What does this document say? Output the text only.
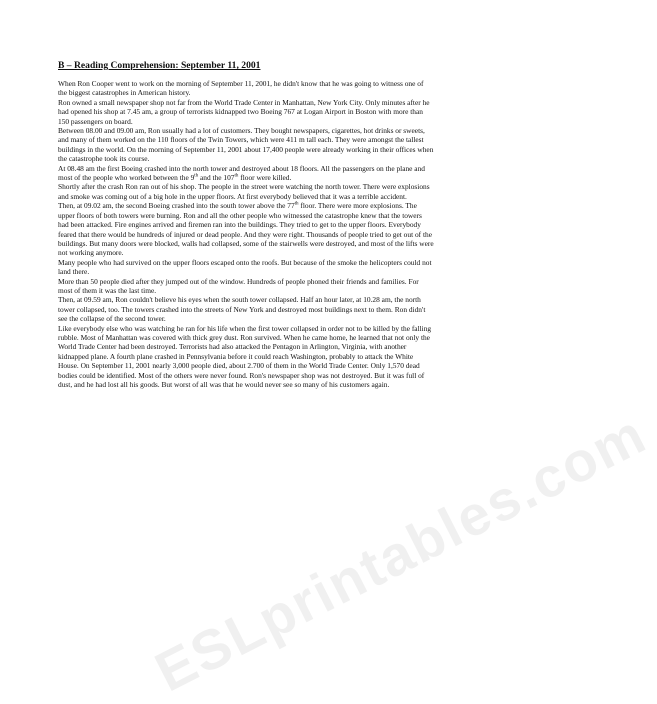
ESLprintables.com
B – Reading Comprehension: September 11, 2001

When Ron Cooper went to work on the morning of September 11, 2001, he didn't know that he was going to witness one of the biggest catastrophes in American history.

Ron owned a small newspaper shop not far from the World Trade Center in Manhattan, New York City. Only minutes after he had opened his shop at 7.45 am, a group of terrorists kidnapped two Boeing 767 at Logan Airport in Boston with more than 150 passengers on board.

Between 08.00 and 09.00 am, Ron usually had a lot of customers. They bought newspapers, cigarettes, hot drinks or sweets, and many of them worked on the 110 floors of the Twin Towers, which were 411 m tall each. They were amongst the tallest buildings in the world. On the morning of September 11, 2001 about 17,400 people were already working in their offices when the catastrophe took its course.

At 08.48 am the first Boeing crashed into the north tower and destroyed about 18 floors. All the passengers on the plane and most of the people who worked between the 9th and the 107th floor were killed.

Shortly after the crash Ron ran out of his shop. The people in the street were watching the north tower. There were explosions and smoke was coming out of a big hole in the upper floors. At first everybody believed that it was a terrible accident.

Then, at 09.02 am, the second Boeing crashed into the south tower above the 77th floor. There were more explosions. The upper floors of both towers were burning. Ron and all the other people who witnessed the catastrophe knew that the towers had been attacked. Fire engines arrived and firemen ran into the buildings. They tried to get to the upper floors. Everybody feared that there would be hundreds of injured or dead people. And they were right. Thousands of people tried to get out of the buildings. But many doors were blocked, walls had collapsed, some of the stairwells were destroyed, and most of the lifts were not working anymore.

Many people who had survived on the upper floors escaped onto the roofs. But because of the smoke the helicopters could not land there.

More than 50 people died after they jumped out of the window. Hundreds of people phoned their friends and families. For most of them it was the last time.

Then, at 09.59 am, Ron couldn't believe his eyes when the south tower collapsed. Half an hour later, at 10.28 am, the north tower collapsed, too. The towers crashed into the streets of New York and destroyed most buildings next to them. Ron didn't see the collapse of the second tower.

Like everybody else who was watching he ran for his life when the first tower collapsed in order not to be killed by the falling rubble. Most of Manhattan was covered with thick grey dust. Ron survived. When he came home, he learned that not only the World Trade Center had been destroyed. Terrorists had also attacked the Pentagon in Arlington, Virginia, with another kidnapped plane. A fourth plane crashed in Pennsylvania before it could reach Washington, probably to attack the White House. On September 11, 2001 nearly 3,000 people died, about 2.700 of them in the World Trade Center. Only 1,570 dead bodies could be identified. Most of the others were never found. Ron's newspaper shop was not destroyed. But it was full of dust, and he had lost all his goods. But worst of all was that he would never see so many of his customers again.
